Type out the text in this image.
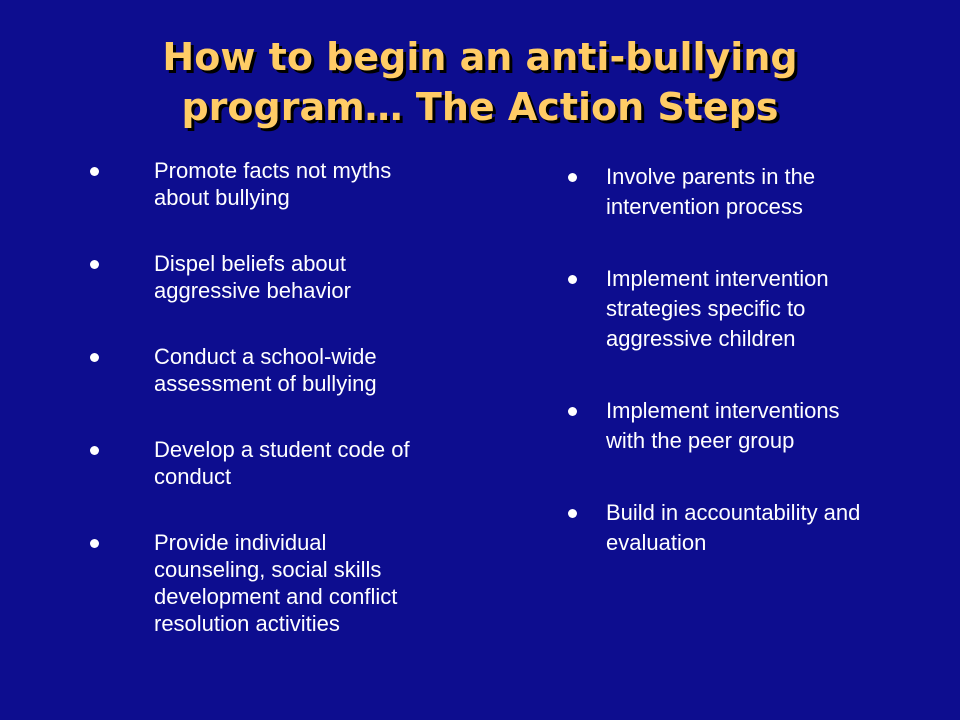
How to begin an anti-bullying
program… The Action Steps
Promote facts not myths
about bullying
Dispel beliefs about
aggressive behavior
Conduct a school-wide
assessment of bullying
Develop a student code of
conduct
Provide individual
counseling, social skills
development and conflict
resolution activities
Involve parents in the
intervention process
Implement intervention
strategies specific to
aggressive children
Implement interventions
with the peer group
Build in accountability and
evaluation
